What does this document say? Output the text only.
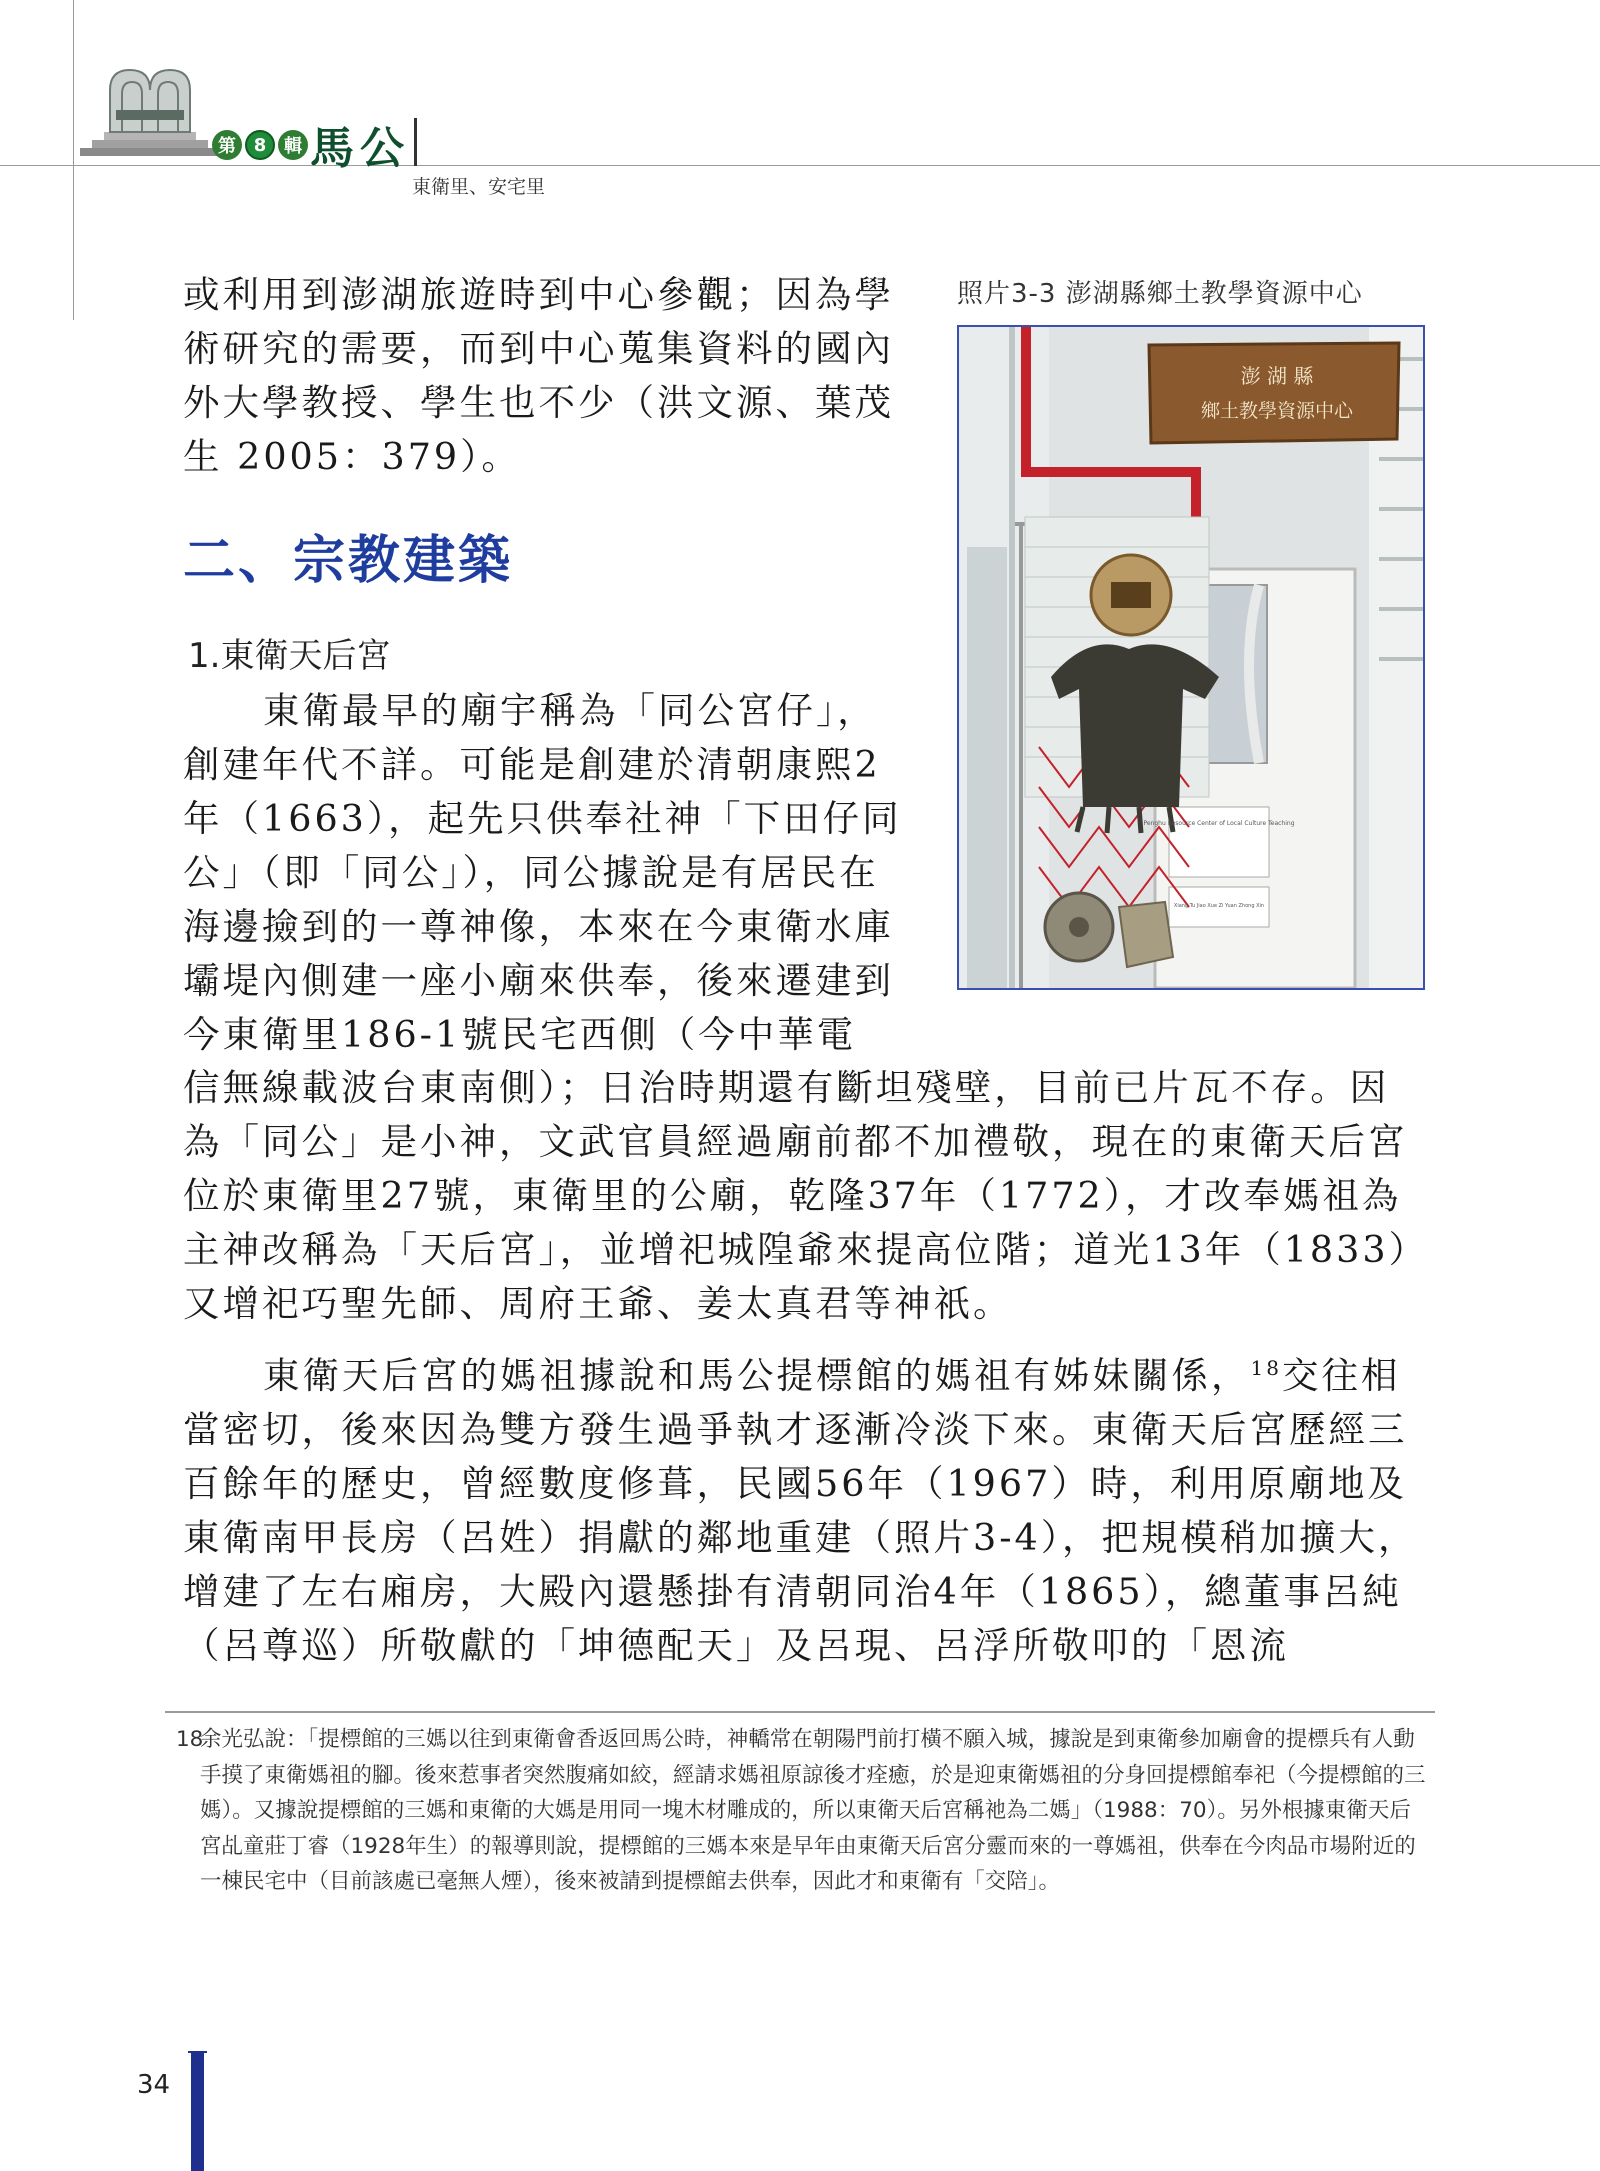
第 8 輯 馬公
東衛里、安宅里
或利用到澎湖旅遊時到中心參觀；因為學術研究的需要，而到中心蒐集資料的國內外大學教授、學生也不少（洪文源、葉茂生 2005：379）。
二、宗教建築
1.東衛天后宮
東衛最早的廟宇稱為「同公宮仔」，創建年代不詳。可能是創建於清朝康熙2年（1663），起先只供奉社神「下田仔同公」（即「同公」），同公據說是有居民在海邊撿到的一尊神像，本來在今東衛水庫壩堤內側建一座小廟來供奉，後來遷建到今東衛里186-1號民宅西側（今中華電
信無線載波台東南側）；日治時期還有斷坦殘壁，目前已片瓦不存。因為「同公」是小神，文武官員經過廟前都不加禮敬，現在的東衛天后宮位於東衛里27號，東衛里的公廟，乾隆37年（1772），才改奉媽祖為主神改稱為「天后宮」，並增祀城隍爺來提高位階；道光13年（1833）又增祀巧聖先師、周府王爺、姜太真君等神祇。
東衛天后宮的媽祖據說和馬公提標館的媽祖有姊妹關係，$^{18}$交往相當密切，後來因為雙方發生過爭執才逐漸冷淡下來。東衛天后宮歷經三百餘年的歷史，曾經數度修葺，民國56年（1967）時，利用原廟地及東衛南甲長房（呂姓）捐獻的鄰地重建（照片3-4），把規模稍加擴大，增建了左右廂房，大殿內還懸掛有清朝同治4年（1865），總董事呂純（呂尊巡）所敬獻的「坤德配天」及呂現、呂浮所敬叩的「恩流
照片3-3 澎湖縣鄉土教學資源中心
澎 湖 縣
鄉土教學資源中心
Penghu Resource Center of Local Culture Teaching
Xiang Tu Jiao Xue Zi Yuan Zhong Xin
18
余光弘說：「提標館的三媽以往到東衛會香返回馬公時，神轎常在朝陽門前打橫不願入城，據說是到東衛參加廟會的提標兵有人動手摸了東衛媽祖的腳。後來惹事者突然腹痛如絞，經請求媽祖原諒後才痊癒，於是迎東衛媽祖的分身回提標館奉祀（今提標館的三媽）。又據說提標館的三媽和東衛的大媽是用同一塊木材雕成的，所以東衛天后宮稱祂為二媽」（1988：70）。另外根據東衛天后宮乩童莊丁睿（1928年生）的報導則說，提標館的三媽本來是早年由東衛天后宮分靈而來的一尊媽祖，供奉在今肉品市場附近的一棟民宅中（目前該處已毫無人煙），後來被請到提標館去供奉，因此才和東衛有「交陪」。
34
